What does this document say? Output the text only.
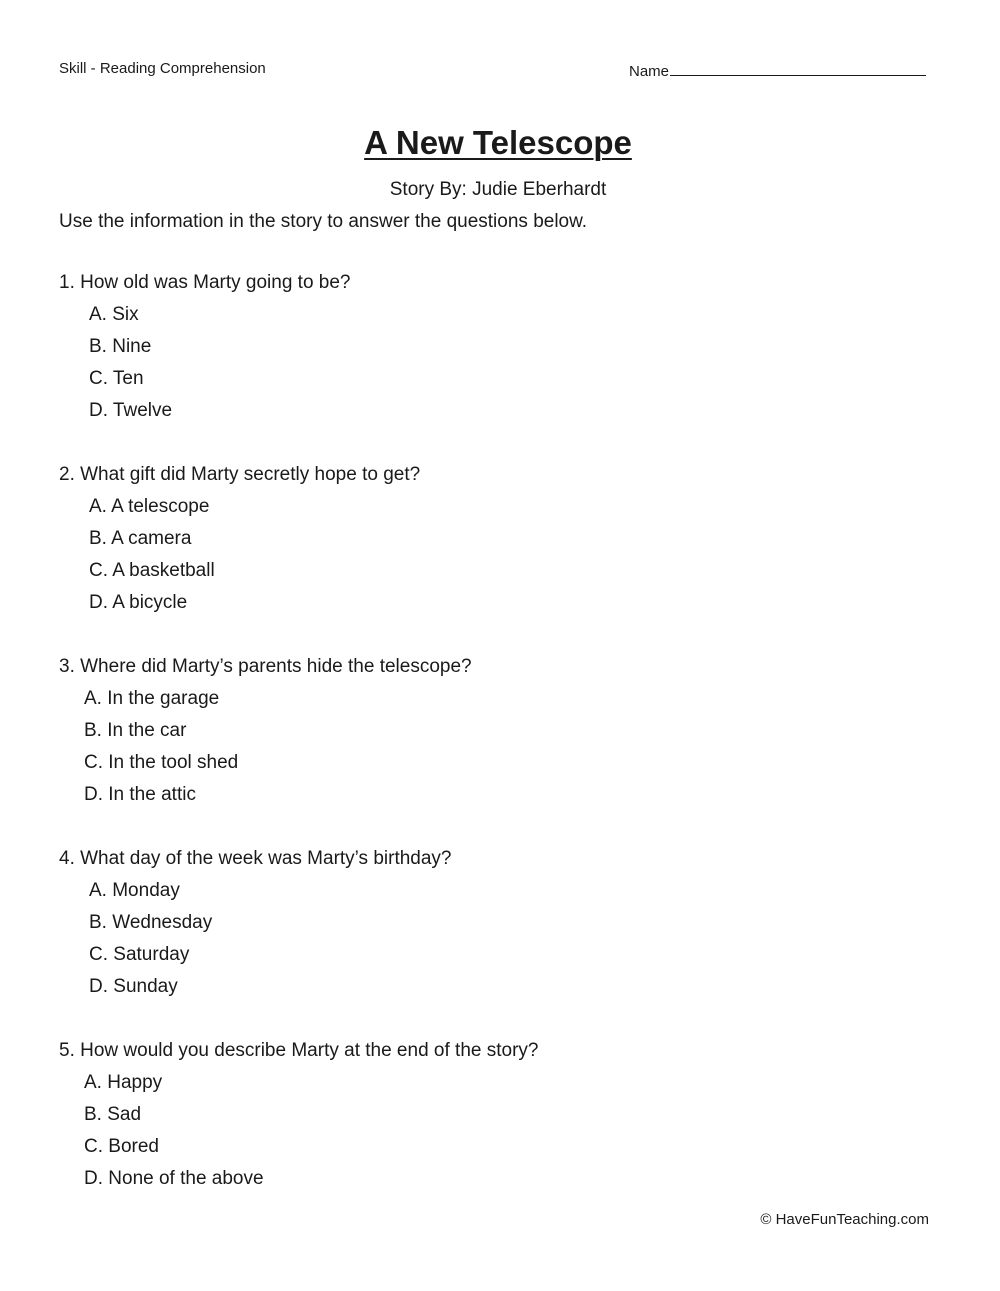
Skill - Reading Comprehension	Name
A New Telescope
Story By: Judie Eberhardt
Use the information in the story to answer the questions below.
1. How old was Marty going to be?
A. Six
B. Nine
C. Ten
D. Twelve
2. What gift did Marty secretly hope to get?
A. A telescope
B. A camera
C. A basketball
D. A bicycle
3. Where did Marty’s parents hide the telescope?
A. In the garage
B. In the car
C. In the tool shed
D. In the attic
4. What day of the week was Marty’s birthday?
A. Monday
B. Wednesday
C. Saturday
D. Sunday
5. How would you describe Marty at the end of the story?
A. Happy
B. Sad
C. Bored
D. None of the above
© HaveFunTeaching.com
